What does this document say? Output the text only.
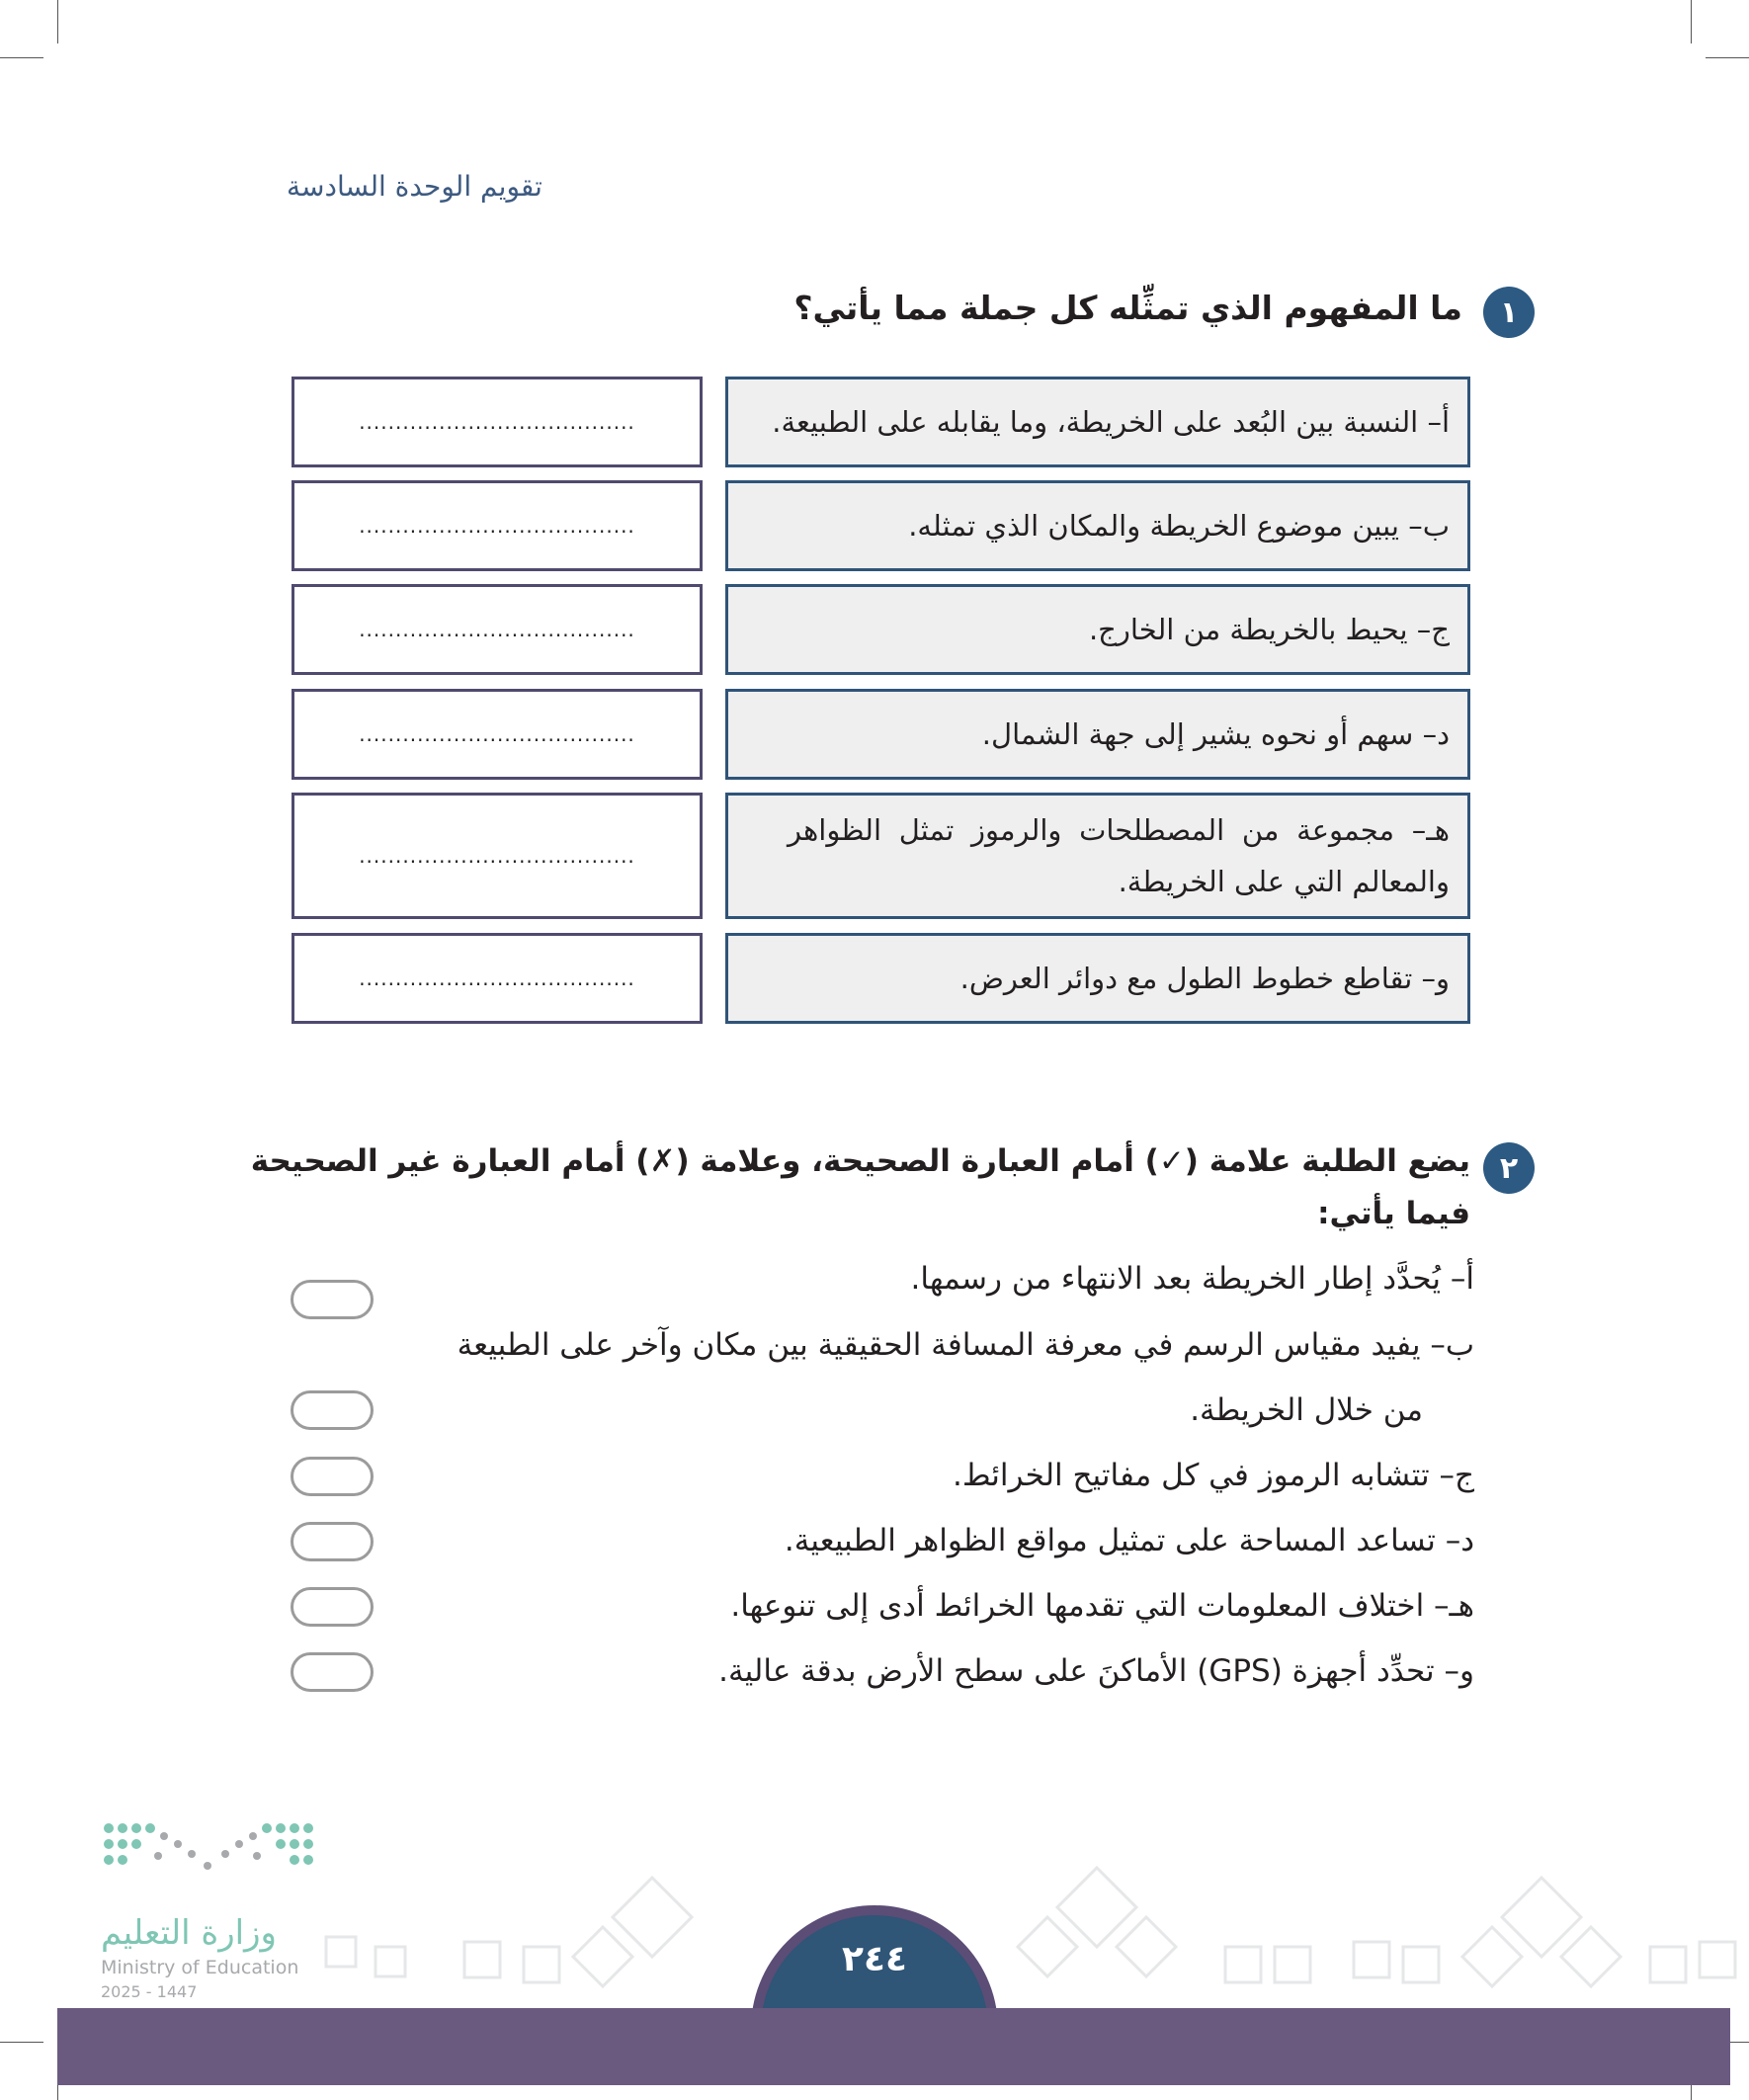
تقويم الوحدة السادسة
١
ما المفهوم الذي تمثِّله كل جملة مما يأتي؟
أ– النسبة بين البُعد على الخريطة، وما يقابله على الطبيعة.
......................................
ب– يبين موضوع الخريطة والمكان الذي تمثله.
......................................
ج– يحيط بالخريطة من الخارج.
......................................
د– سهم أو نحوه يشير إلى جهة الشمال.
......................................
هـ– مجموعة من المصطلحات والرموز تمثل الظواهر والمعالم التي على الخريطة.
......................................
و– تقاطع خطوط الطول مع دوائر العرض.
......................................
٢
يضع الطلبة علامة (✓) أمام العبارة الصحيحة، وعلامة (✗) أمام العبارة غير الصحيحة
فيما يأتي:
أ– يُحدَّد إطار الخريطة بعد الانتهاء من رسمها.
ب– يفيد مقياس الرسم في معرفة المسافة الحقيقية بين مكان وآخر على الطبيعة
من خلال الخريطة.
ج– تتشابه الرموز في كل مفاتيح الخرائط.
د– تساعد المساحة على تمثيل مواقع الظواهر الطبيعية.
هـ– اختلاف المعلومات التي تقدمها الخرائط أدى إلى تنوعها.
و– تحدِّد أجهزة (GPS) الأماكنَ على سطح الأرض بدقة عالية.
وزارة التعليم
Ministry of Education
2025 - 1447
٢٤٤
